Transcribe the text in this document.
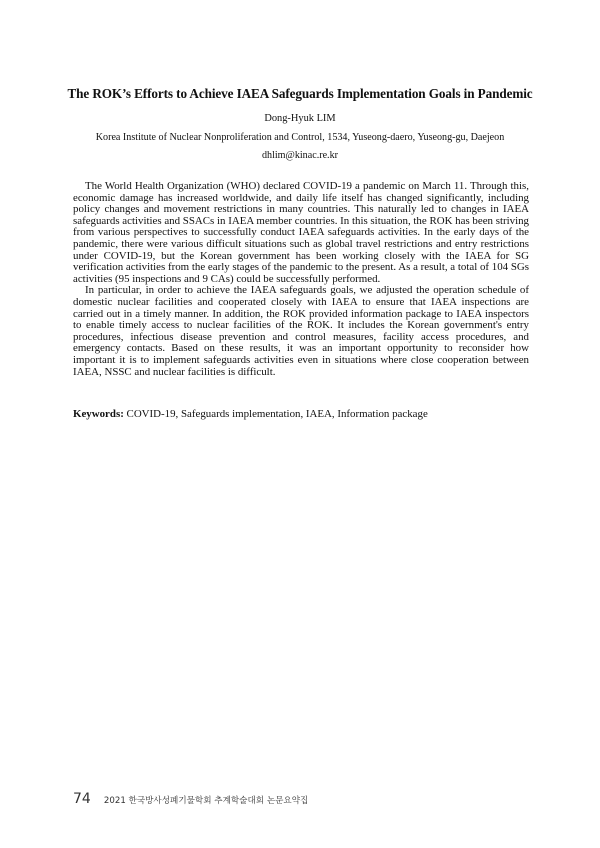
The ROK’s Efforts to Achieve IAEA Safeguards Implementation Goals in Pandemic
Dong-Hyuk LIM
Korea Institute of Nuclear Nonproliferation and Control, 1534, Yuseong-daero, Yuseong-gu, Daejeon
dhlim@kinac.re.kr

The World Health Organization (WHO) declared COVID-19 a pandemic on March 11. Through this, economic damage has increased worldwide, and daily life itself has changed significantly, including policy changes and movement restrictions in many countries. This naturally led to changes in IAEA safeguards activities and SSACs in IAEA member countries. In this situation, the ROK has been striving from various perspectives to successfully conduct IAEA safeguards activities. In the early days of the pandemic, there were various difficult situations such as global travel restrictions and entry restrictions under COVID-19, but the Korean government has been working closely with the IAEA for SG verification activities from the early stages of the pandemic to the present. As a result, a total of 104 SGs activities (95 inspections and 9 CAs) could be successfully performed.

In particular, in order to achieve the IAEA safeguards goals, we adjusted the operation schedule of domestic nuclear facilities and cooperated closely with IAEA to ensure that IAEA inspections are carried out in a timely manner. In addition, the ROK provided information package to IAEA inspectors to enable timely access to nuclear facilities of the ROK. It includes the Korean government's entry procedures, infectious disease prevention and control measures, facility access procedures, and emergency contacts. Based on these results, it was an important opportunity to reconsider how important it is to implement safeguards activities even in situations where close cooperation between IAEA, NSSC and nuclear facilities is difficult.

Keywords: COVID-19, Safeguards implementation, IAEA, Information package
74 2021 한국방사성폐기물학회 추계학술대회 논문요약집
